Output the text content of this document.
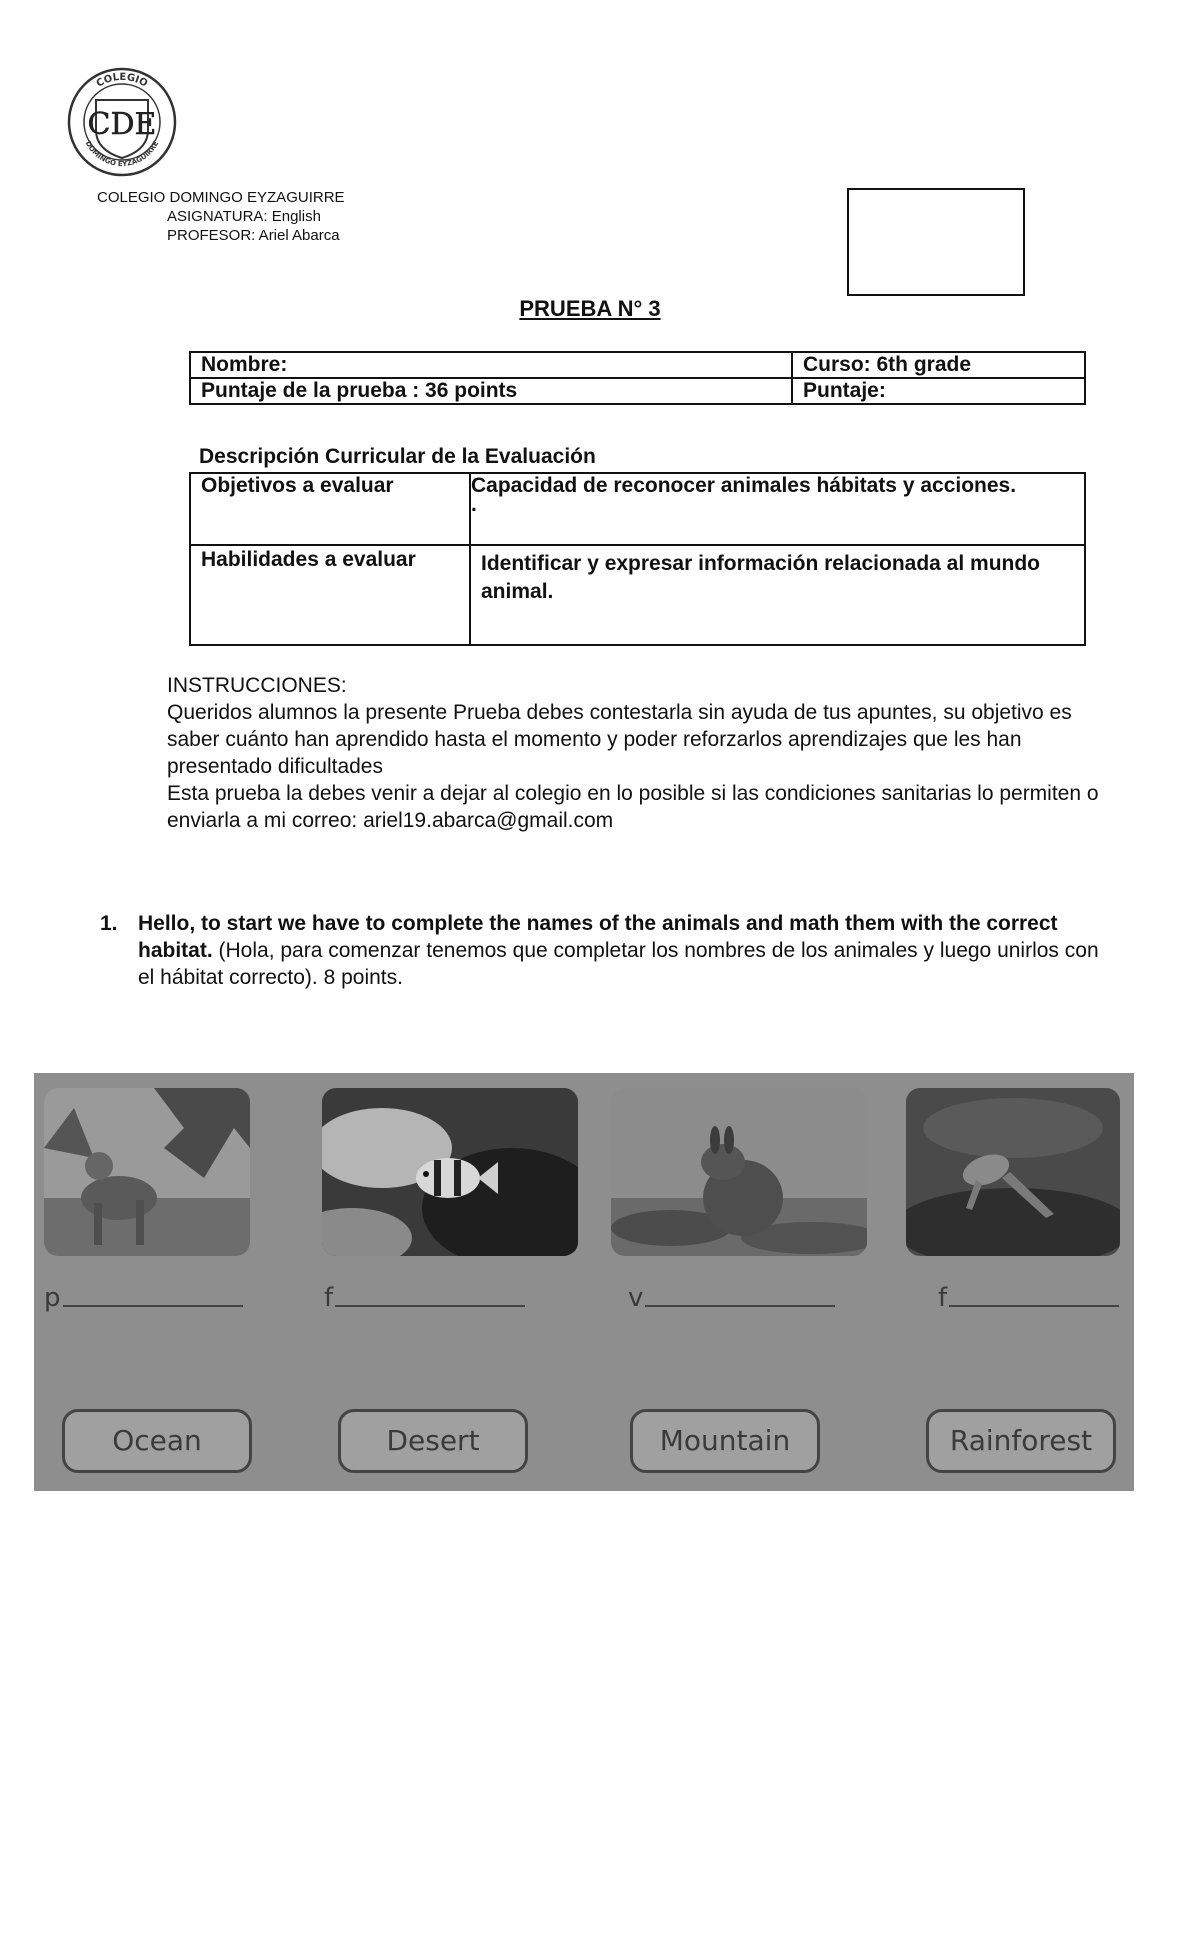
CDE
COLEGIO
DOMINGO EYZAGUIRRE
COLEGIO DOMINGO EYZAGUIRRE
ASIGNATURA: English
PROFESOR: Ariel Abarca
PRUEBA N° 3
Nombre:	Curso: 6th grade
Puntaje de la prueba : 36 points	Puntaje:
Descripción Curricular de la Evaluación
Objetivos a evaluar	Capacidad de reconocer animales hábitats y acciones.
.

Habilidades a evaluar	Identificar y expresar información relacionada al mundo animal.
INSTRUCCIONES:
Queridos alumnos la presente Prueba debes contestarla sin ayuda de tus apuntes, su objetivo es saber cuánto han aprendido hasta el momento y poder reforzarlos aprendizajes que les han presentado dificultades
Esta prueba la debes venir a dejar al colegio en lo posible si las condiciones sanitarias lo permiten o enviarla a mi correo: ariel19.abarca@gmail.com
1. Hello, to start we have to complete the names of the animals and math them with the correct habitat. (Hola, para comenzar tenemos que completar los nombres de los animales y luego unirlos con el hábitat correcto). 8 points.
p	f	v	f
Ocean	Desert	Mountain	Rainforest
